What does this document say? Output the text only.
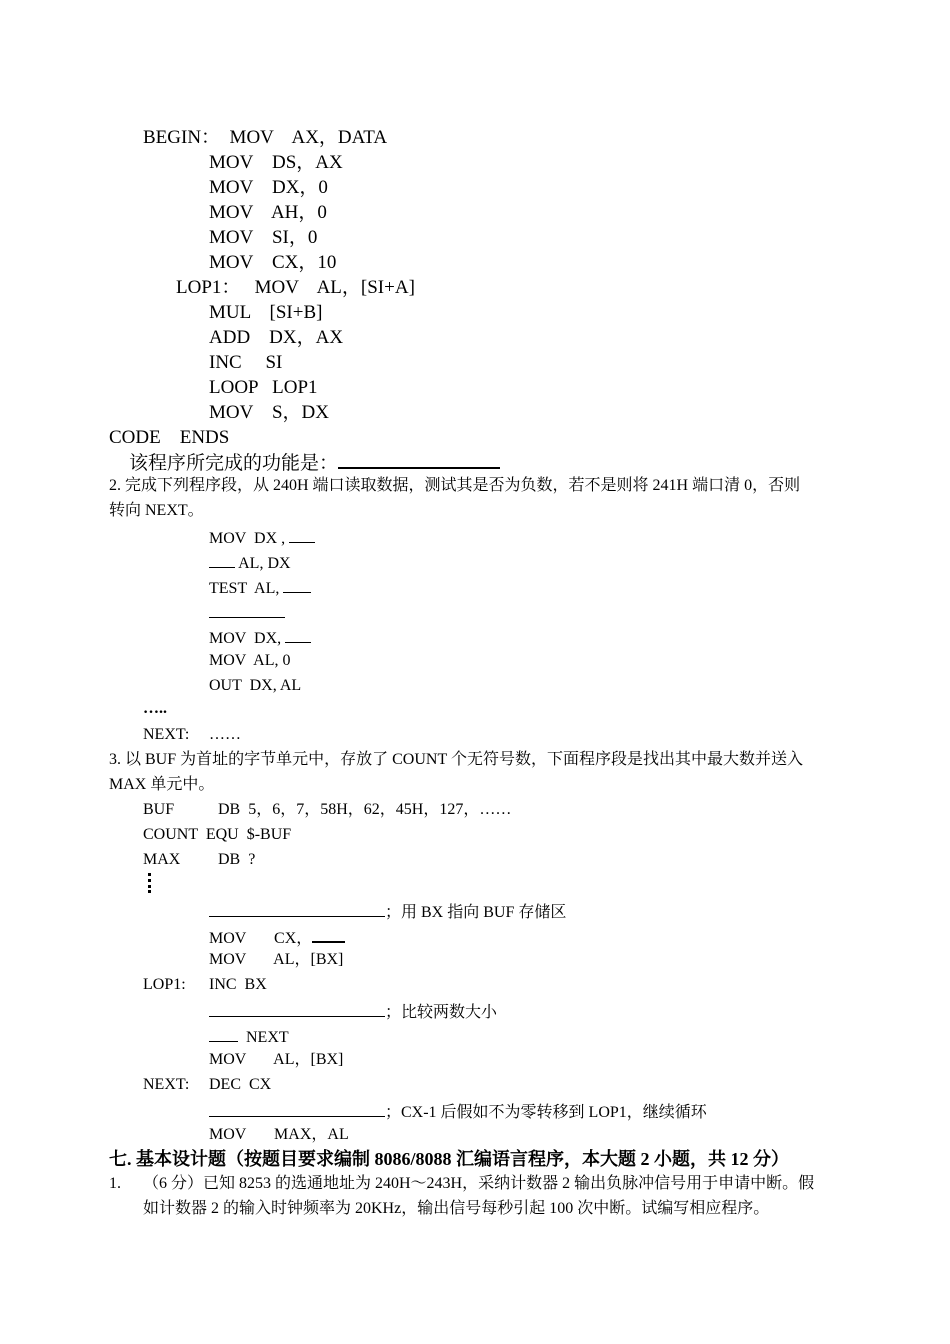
BEGIN：  MOV    AX，DATA
MOV    DS，AX
MOV    DX，0
MOV    AH，0
MOV    SI，0
MOV    CX，10
LOP1：   MOV    AL，[SI+A]
MUL    [SI+B]
ADD    DX，AX
INC     SI
LOOP   LOP1
MOV    S，DX
CODE    ENDS
该程序所完成的功能是：
2. 完成下列程序段，从 240H 端口读取数据，测试其是否为负数，若不是则将 241H 端口清 0，否则
转向 NEXT。
MOV  DX ,
AL, DX
TEST  AL,
MOV  DX,
MOV  AL, 0
OUT  DX, AL
…..
NEXT: ……
3. 以 BUF 为首址的字节单元中，存放了 COUNT 个无符号数，下面程序段是找出其中最大数并送入
MAX 单元中。
BUF	DB  5，6，7，58H，62，45H，127，……
COUNT  EQU  $-BUF
MAX DB  ?
；用 BX 指向 BUF 存储区
MOV       CX，
MOV       AL，[BX]
LOP1: INC  BX
；比较两数大小
NEXT
MOV       AL，[BX]
NEXT: DEC  CX
；CX-1 后假如不为零转移到 LOP1，继续循环
MOV       MAX，AL
七. 基本设计题（按题目要求编制 8086/8088 汇编语言程序，本大题 2 小题，共 12 分）
1. （6 分）已知 8253 的选通地址为 240H～243H，采纳计数器 2 输出负脉冲信号用于申请中断。假
如计数器 2 的输入时钟频率为 20KHz，输出信号每秒引起 100 次中断。试编写相应程序。
